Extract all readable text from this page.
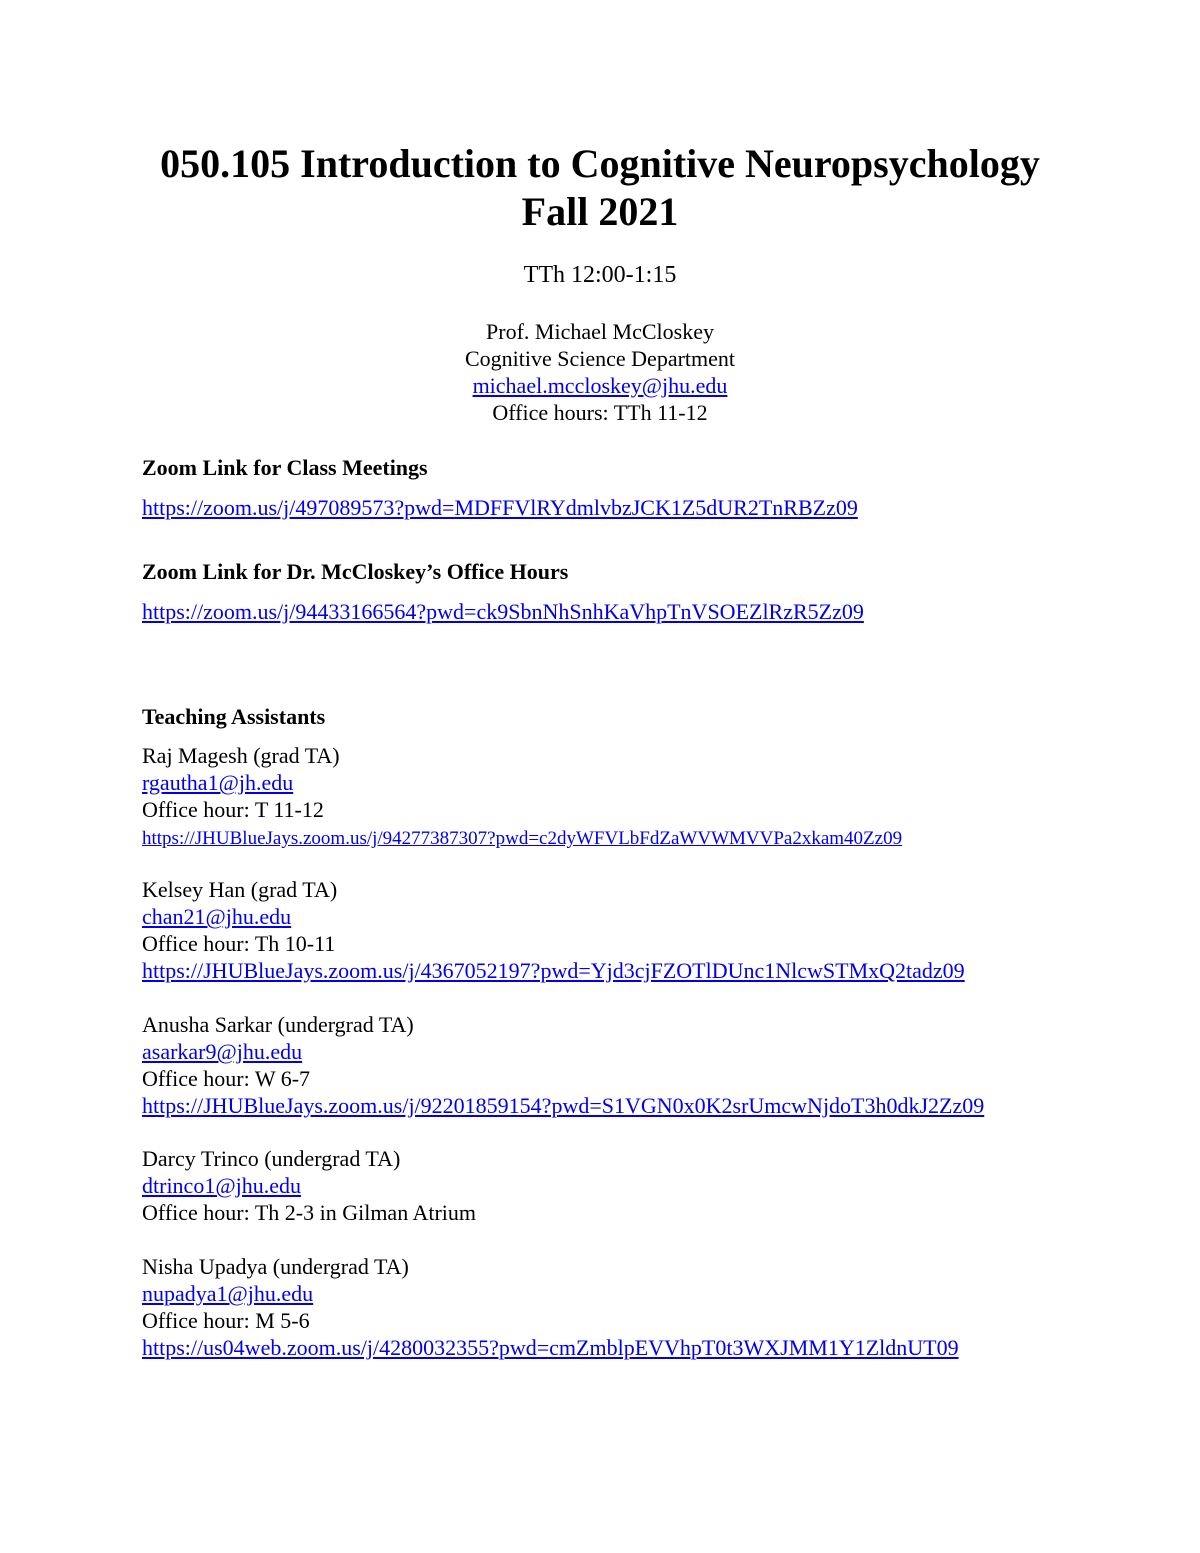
050.105 Introduction to Cognitive Neuropsychology
Fall 2021
TTh 12:00-1:15
Prof. Michael McCloskey
Cognitive Science Department
michael.mccloskey@jhu.edu
Office hours: TTh 11-12
Zoom Link for Class Meetings
https://zoom.us/j/497089573?pwd=MDFFVlRYdmlvbzJCK1Z5dUR2TnRBZz09
Zoom Link for Dr. McCloskey’s Office Hours
https://zoom.us/j/94433166564?pwd=ck9SbnNhSnhKaVhpTnVSOEZlRzR5Zz09
Teaching Assistants
Raj Magesh (grad TA)
rgautha1@jh.edu
Office hour: T 11-12
https://JHUBlueJays.zoom.us/j/94277387307?pwd=c2dyWFVLbFdZaWVWMVVPa2xkam40Zz09
Kelsey Han (grad TA)
chan21@jhu.edu
Office hour: Th 10-11
https://JHUBlueJays.zoom.us/j/4367052197?pwd=Yjd3cjFZOTlDUnc1NlcwSTMxQ2tadz09
Anusha Sarkar (undergrad TA)
asarkar9@jhu.edu
Office hour: W 6-7
https://JHUBlueJays.zoom.us/j/92201859154?pwd=S1VGN0x0K2srUmcwNjdoT3h0dkJ2Zz09
Darcy Trinco (undergrad TA)
dtrinco1@jhu.edu
Office hour: Th 2-3 in Gilman Atrium
Nisha Upadya (undergrad TA)
nupadya1@jhu.edu
Office hour: M 5-6
https://us04web.zoom.us/j/4280032355?pwd=cmZmblpEVVhpT0t3WXJMM1Y1ZldnUT09
